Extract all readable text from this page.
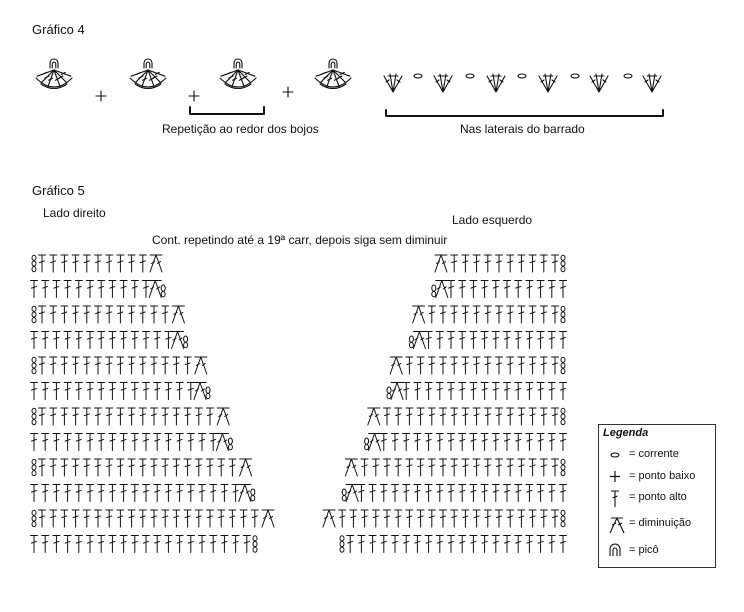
Gráfico 4
Repetição ao redor dos bojos	Nas laterais do barrado
Gráfico 5
Lado direito	Lado esquerdo
Cont. repetindo até a 19ª carr, depois siga sem diminuir
Legenda
= corrente
= ponto baixo
= ponto alto
= diminuição
= picô
